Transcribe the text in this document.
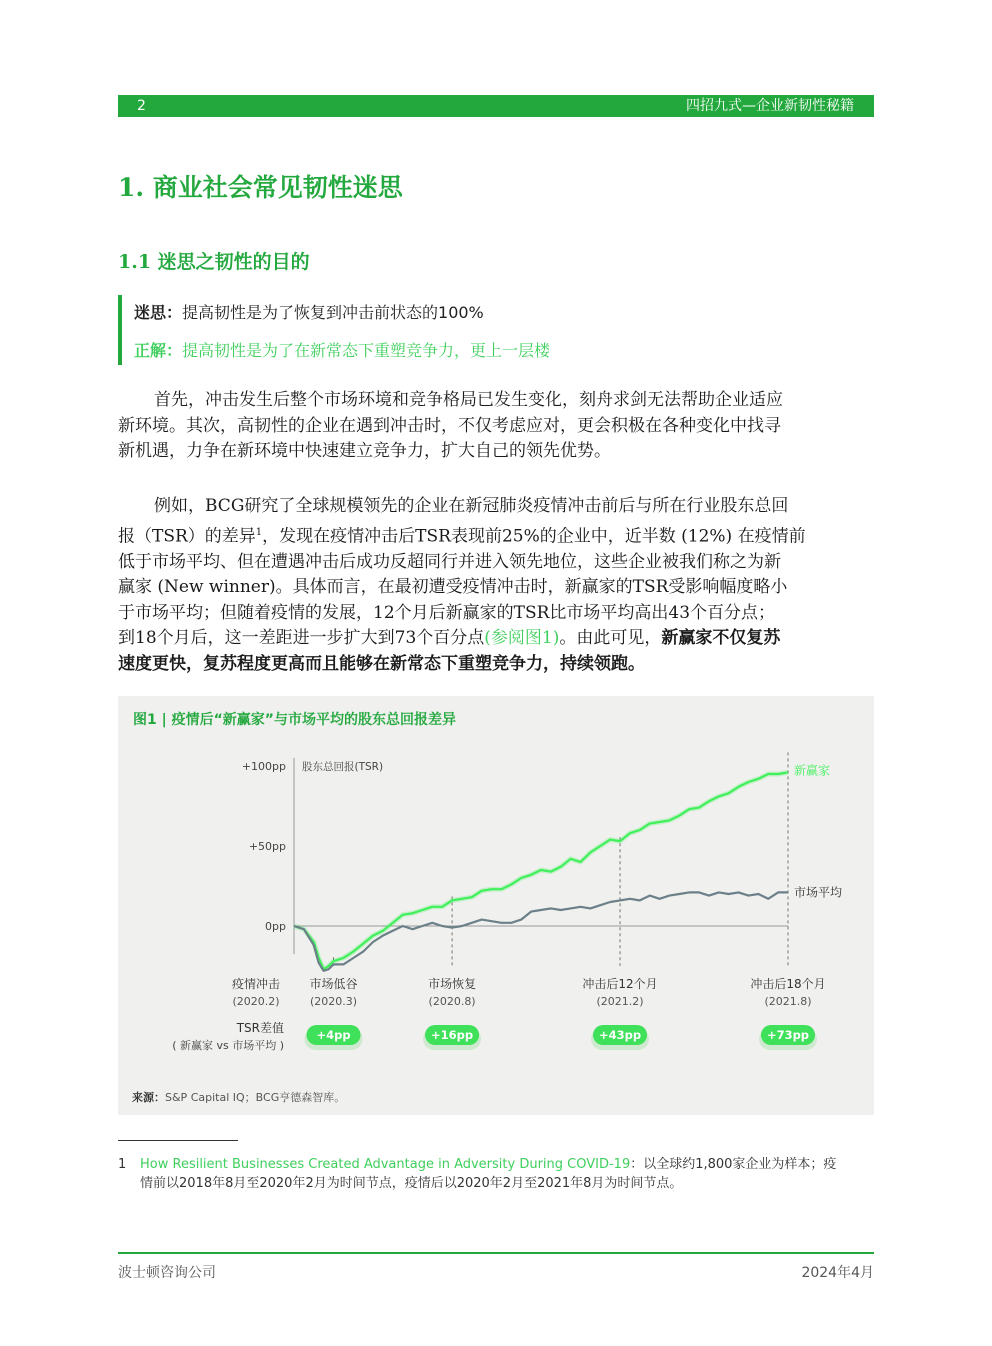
2	四招九式—企业新韧性秘籍
1. 商业社会常见韧性迷思
1.1 迷思之韧性的目的
迷思：提高韧性是为了恢复到冲击前状态的100%
正解：提高韧性是为了在新常态下重塑竞争力，更上一层楼
首先，冲击发生后整个市场环境和竞争格局已发生变化，刻舟求剑无法帮助企业适应
新环境。其次，高韧性的企业在遇到冲击时，不仅考虑应对，更会积极在各种变化中找寻
新机遇，力争在新环境中快速建立竞争力，扩大自己的领先优势。
例如，BCG研究了全球规模领先的企业在新冠肺炎疫情冲击前后与所在行业股东总回
报（TSR）的差异$^1$，发现在疫情冲击后TSR表现前25%的企业中，近半数 (12%) 在疫情前
低于市场平均、但在遭遇冲击后成功反超同行并进入领先地位，这些企业被我们称之为新
赢家 (New winner)。具体而言，在最初遭受疫情冲击时，新赢家的TSR受影响幅度略小
于市场平均；但随着疫情的发展，12个月后新赢家的TSR比市场平均高出43个百分点；
到18个月后，这一差距进一步扩大到73个百分点(参阅图1)。由此可见，新赢家不仅复苏
速度更快，复苏程度更高而且能够在新常态下重塑竞争力，持续领跑。
图1 | 疫情后“新赢家”与市场平均的股东总回报差异
+100pp
+50pp
0pp
股东总回报(TSR)	新赢家
市场平均
疫情冲击
(2020.2)
市场低谷
(2020.3)
+4pp
市场恢复
(2020.8)
+16pp
冲击后12个月
(2021.2)
+43pp
冲击后18个月
(2021.8)
+73pp
TSR差值
( 新赢家 vs 市场平均 )
来源：S&P Capital IQ；BCG亨德森智库。
1 How Resilient Businesses Created Advantage in Adversity During COVID-19：以全球约1,800家企业为样本；疫
情前以2018年8月至2020年2月为时间节点，疫情后以2020年2月至2021年8月为时间节点。
波士顿咨询公司	2024年4月
